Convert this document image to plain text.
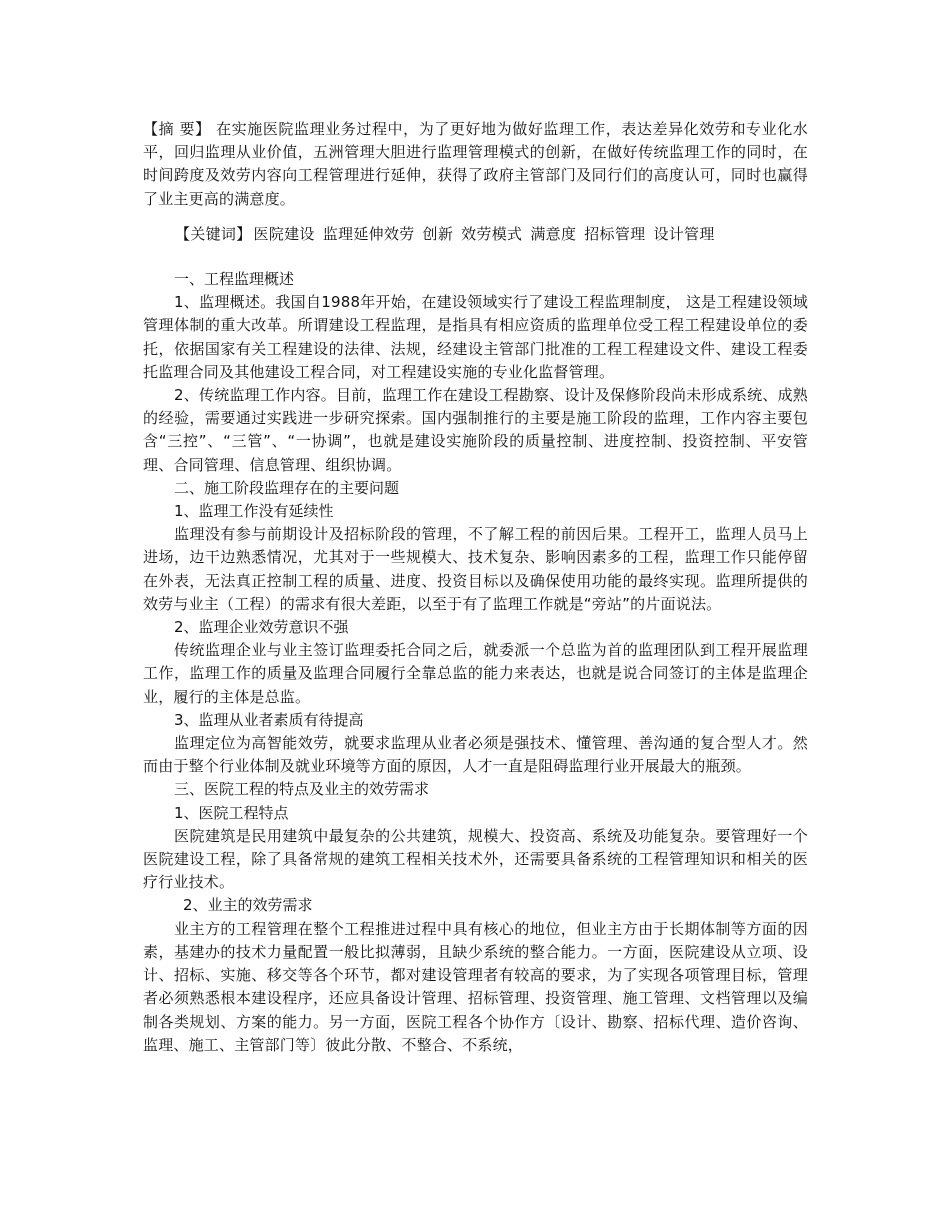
【摘 要】 在实施医院监理业务过程中，为了更好地为做好监理工作，表达差异化效劳和专业化水平，回归监理从业价值，五洲管理大胆进行监理管理模式的创新，在做好传统监理工作的同时，在时间跨度及效劳内容向工程管理进行延伸，获得了政府主管部门及同行们的高度认可，同时也赢得了业主更高的满意度。

【关键词】 医院建设 监理延伸效劳 创新 效劳模式 满意度 招标管理 设计管理

一、工程监理概述

1、监理概述。我国自1988年开始，在建设领域实行了建设工程监理制度， 这是工程建设领域管理体制的重大改革。所谓建设工程监理，是指具有相应资质的监理单位受工程工程建设单位的委托，依据国家有关工程建设的法律、法规，经建设主管部门批准的工程工程建设文件、建设工程委托监理合同及其他建设工程合同，对工程建设实施的专业化监督管理。

2、传统监理工作内容。目前，监理工作在建设工程勘察、设计及保修阶段尚未形成系统、成熟的经验，需要通过实践进一步研究探索。国内强制推行的主要是施工阶段的监理，工作内容主要包含“三控”、“三管”、“一协调”，也就是建设实施阶段的质量控制、进度控制、投资控制、平安管理、合同管理、信息管理、组织协调。

二、施工阶段监理存在的主要问题

1、监理工作没有延续性

监理没有参与前期设计及招标阶段的管理，不了解工程的前因后果。工程开工，监理人员马上进场，边干边熟悉情况，尤其对于一些规模大、技术复杂、影响因素多的工程，监理工作只能停留在外表，无法真正控制工程的质量、进度、投资目标以及确保使用功能的最终实现。监理所提供的效劳与业主（工程）的需求有很大差距，以至于有了监理工作就是“旁站”的片面说法。

2、监理企业效劳意识不强

传统监理企业与业主签订监理委托合同之后，就委派一个总监为首的监理团队到工程开展监理工作，监理工作的质量及监理合同履行全靠总监的能力来表达，也就是说合同签订的主体是监理企业，履行的主体是总监。

3、监理从业者素质有待提高

监理定位为高智能效劳，就要求监理从业者必须是强技术、懂管理、善沟通的复合型人才。然而由于整个行业体制及就业环境等方面的原因，人才一直是阻碍监理行业开展最大的瓶颈。

三、医院工程的特点及业主的效劳需求

1、医院工程特点

医院建筑是民用建筑中最复杂的公共建筑，规模大、投资高、系统及功能复杂。要管理好一个医院建设工程，除了具备常规的建筑工程相关技术外，还需要具备系统的工程管理知识和相关的医疗行业技术。

2、业主的效劳需求

业主方的工程管理在整个工程推进过程中具有核心的地位，但业主方由于长期体制等方面的因素，基建办的技术力量配置一般比拟薄弱，且缺少系统的整合能力。一方面，医院建设从立项、设计、招标、实施、移交等各个环节，都对建设管理者有较高的要求，为了实现各项管理目标，管理者必须熟悉根本建设程序，还应具备设计管理、招标管理、投资管理、施工管理、文档管理以及编制各类规划、方案的能力。另一方面，医院工程各个协作方〔设计、勘察、招标代理、造价咨询、监理、施工、主管部门等〕彼此分散、不整合、不系统，
